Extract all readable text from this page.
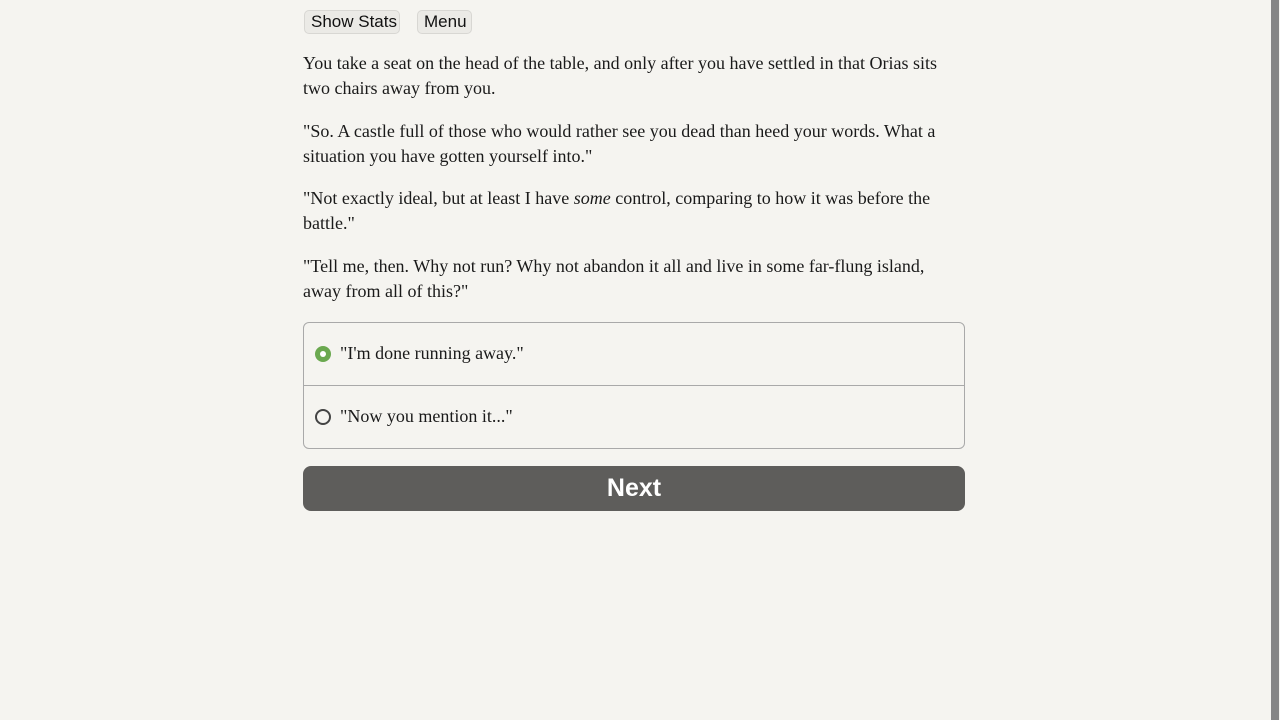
Show Stats	Menu

You take a seat on the head of the table, and only after you have settled in that Orias sits two chairs away from you.

"So. A castle full of those who would rather see you dead than heed your words. What a situation you have gotten yourself into."

"Not exactly ideal, but at least I have some control, comparing to how it was before the battle."

"Tell me, then. Why not run? Why not abandon it all and live in some far-flung island, away from all of this?"

"I'm done running away."
"Now you mention it..."
Next
